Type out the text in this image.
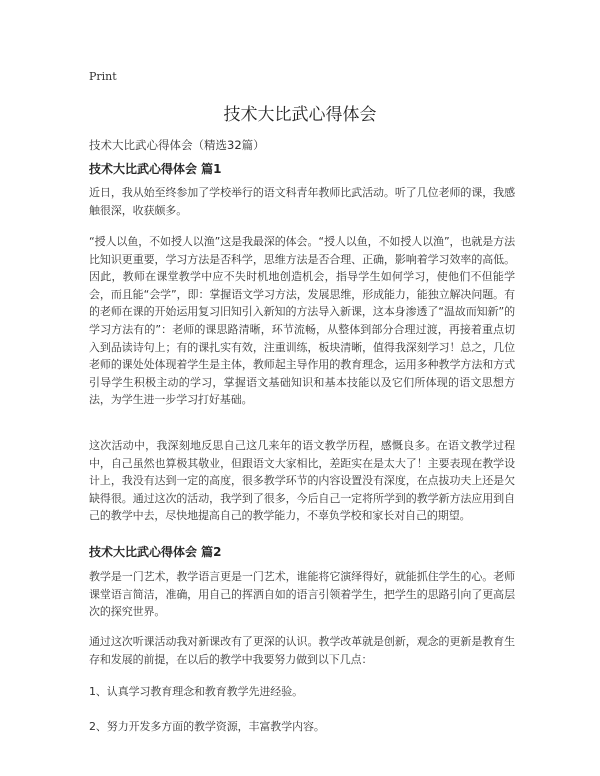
Print
技术大比武心得体会

技术大比武心得体会（精选32篇）

技术大比武心得体会 篇1

近日，我从始至终参加了学校举行的语文科青年教师比武活动。听了几位老师的课，我感触很深，收获颇多。

“授人以鱼，不如授人以渔”这是我最深的体会。“授人以鱼，不如授人以渔”，也就是方法比知识更重要，学习方法是否科学，思维方法是否合理、正确，影响着学习效率的高低。因此，教师在课堂教学中应不失时机地创造机会，指导学生如何学习，使他们不但能学会，而且能“会学”，即：掌握语文学习方法，发展思维，形成能力，能独立解决问题。有的老师在课的开始运用复习旧知引入新知的方法导入新课，这本身渗透了“温故而知新”的学习方法有的”：老师的课思路清晰，环节流畅，从整体到部分合理过渡，再接着重点切入到品读诗句上；有的课扎实有效，注重训练，板块清晰，值得我深刻学习！总之，几位老师的课处处体现着学生是主体，教师起主导作用的教育理念，运用多种教学方法和方式引导学生积极主动的学习，掌握语文基础知识和基本技能以及它们所体现的语文思想方法，为学生进一步学习打好基础。

这次活动中，我深刻地反思自己这几来年的语文教学历程，感慨良多。在语文教学过程中，自己虽然也算极其敬业，但跟语文大家相比，差距实在是太大了！主要表现在教学设计上，我没有达到一定的高度，很多教学环节的内容设置没有深度，在点拔功夫上还是欠缺得很。通过这次的活动，我学到了很多，今后自己一定将所学到的教学新方法应用到自己的教学中去，尽快地提高自己的教学能力，不辜负学校和家长对自己的期望。

技术大比武心得体会 篇2

教学是一门艺术，教学语言更是一门艺术，谁能将它演绎得好，就能抓住学生的心。老师课堂语言简洁，准确，用自己的挥洒自如的语言引领着学生，把学生的思路引向了更高层次的探究世界。

通过这次听课活动我对新课改有了更深的认识。教学改革就是创新，观念的更新是教育生存和发展的前提，在以后的教学中我要努力做到以下几点：

1、认真学习教育理念和教育教学先进经验。

2、努力开发多方面的教学资源，丰富教学内容。
